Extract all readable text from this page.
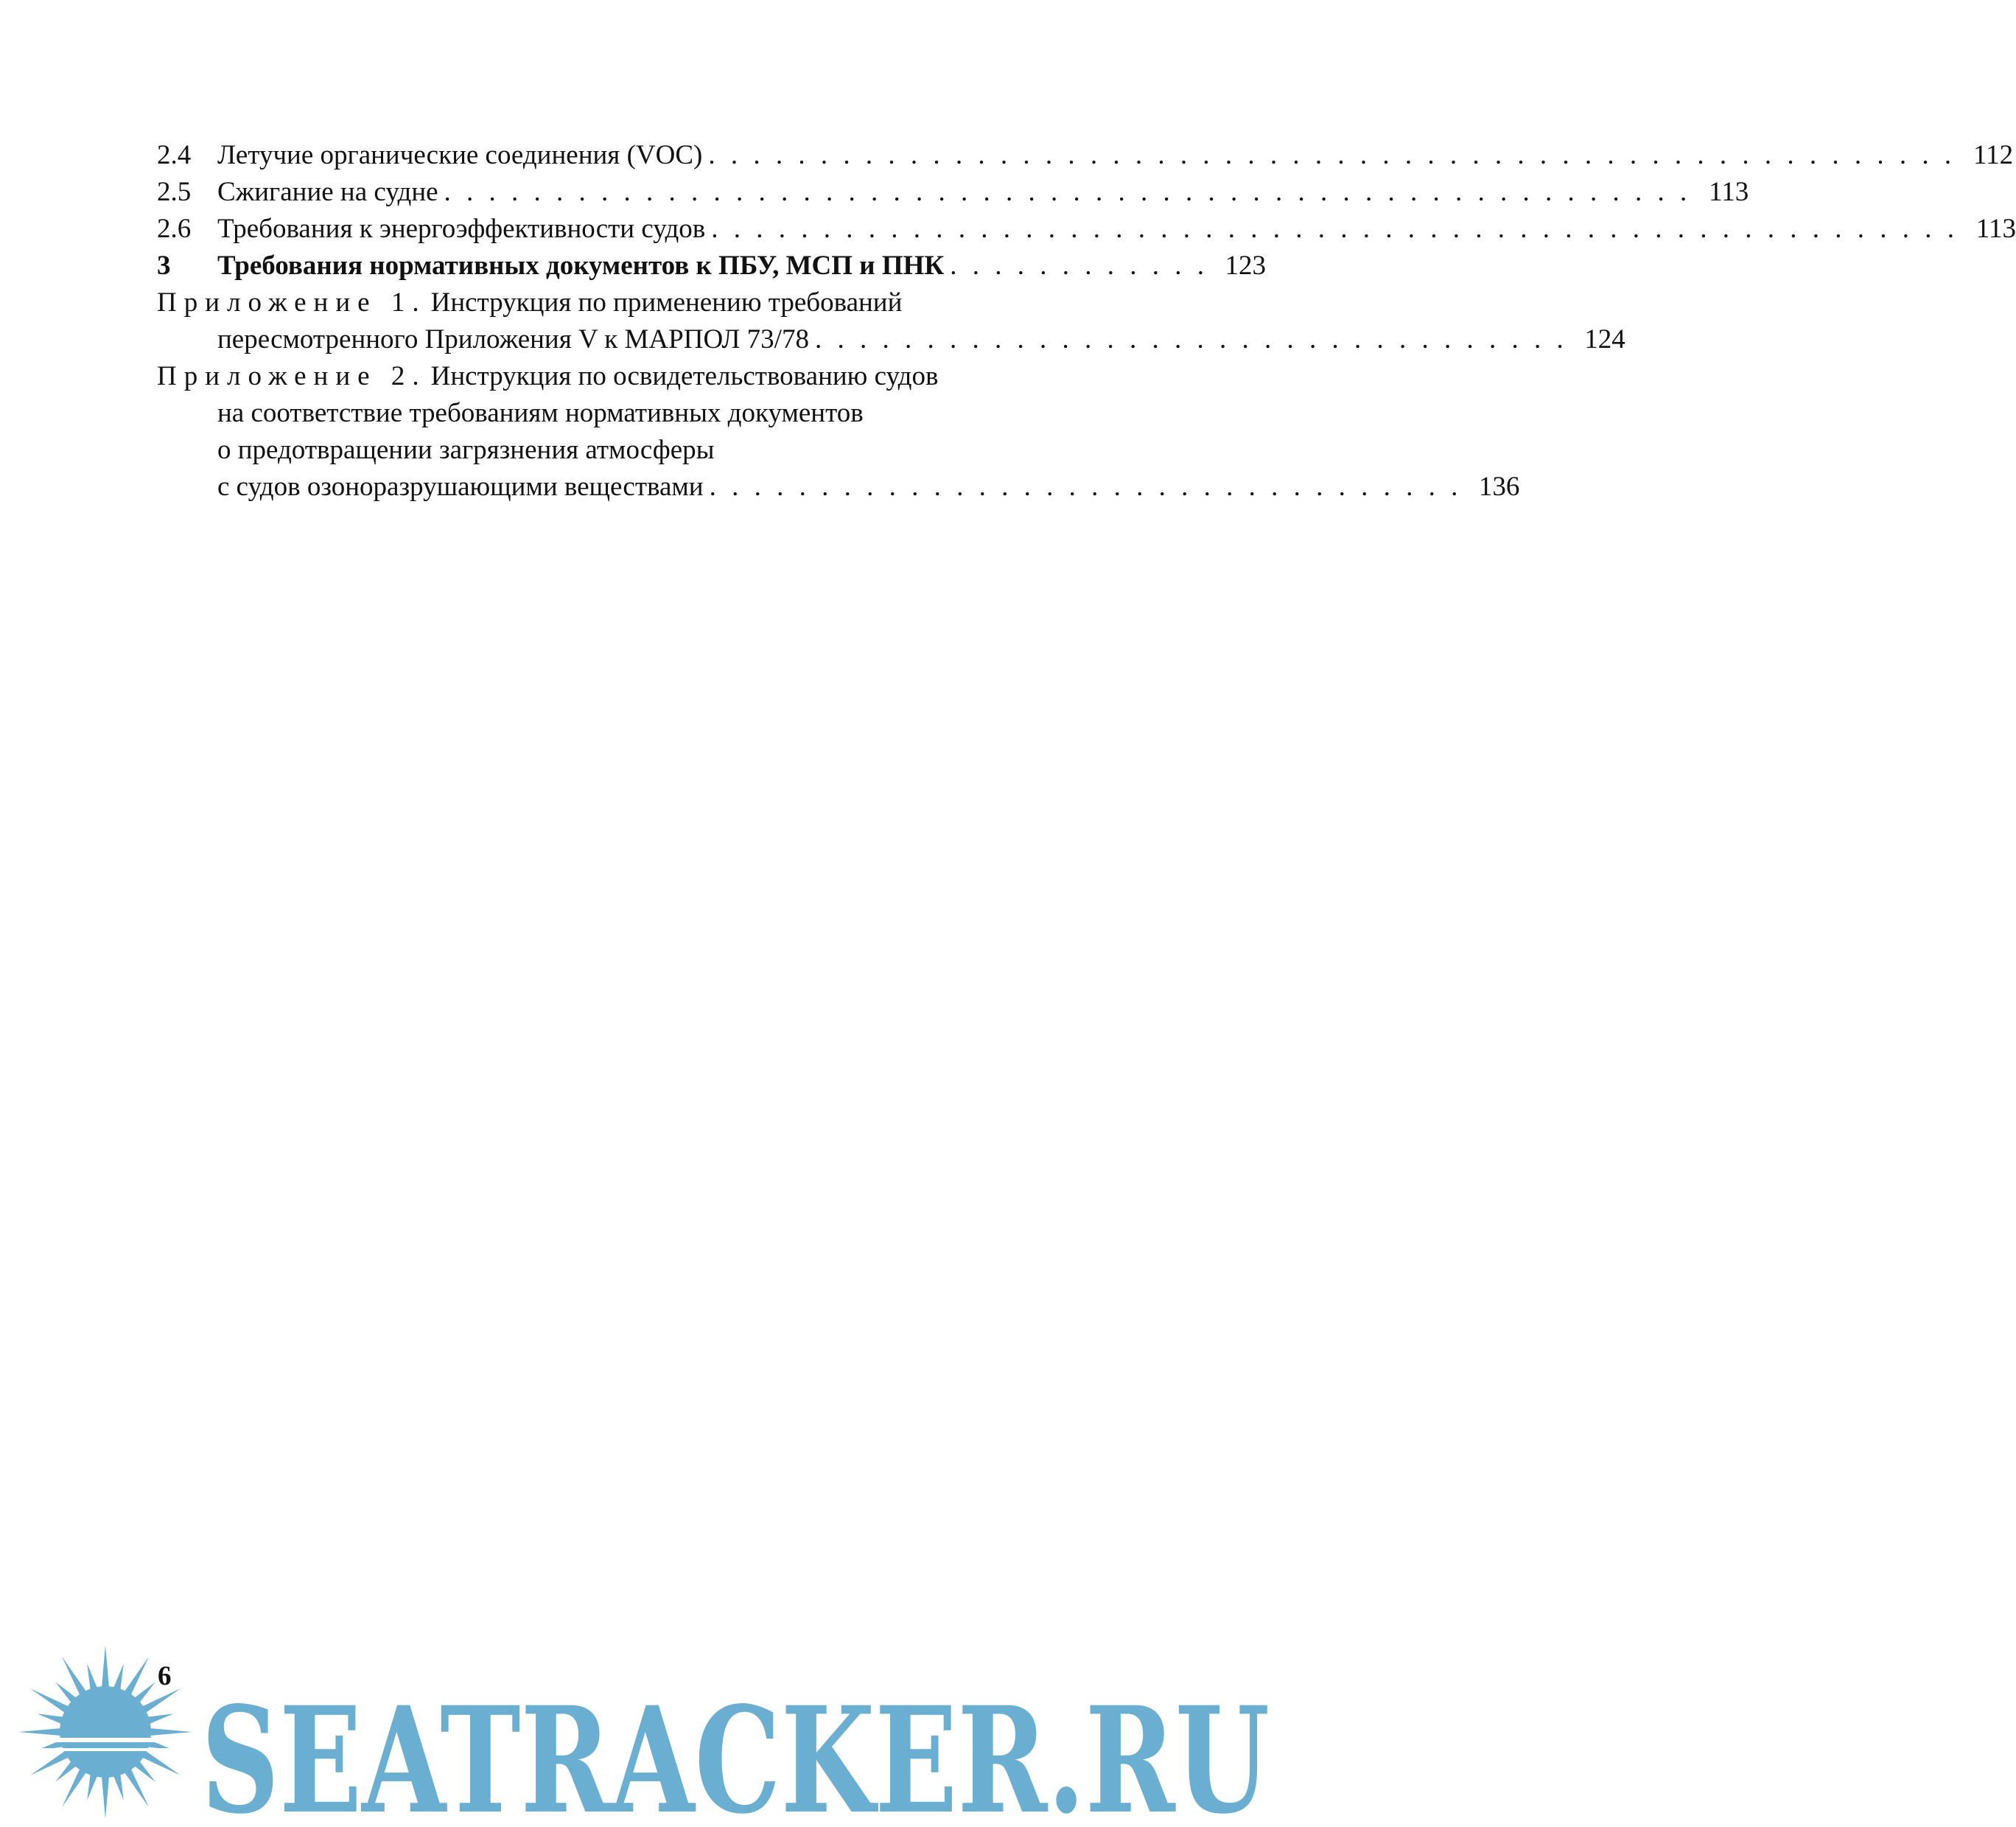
2.4 Летучие органические соединения (VOC) . . . . . . . . . . . . . . . . . . . . . . . . . . . . . . . . . . . . . . . . . . . . . . . . . . . . . . . . 112
2.5 Сжигание на судне . . . . . . . . . . . . . . . . . . . . . . . . . . . . . . . . . . . . . . . . . . . . . . . . . . . . . . . . 113
2.6 Требования к энергоэффективности судов . . . . . . . . . . . . . . . . . . . . . . . . . . . . . . . . . . . . . . . . . . . . . . . . . . . . . . . . 113
3	Требования нормативных документов к ПБУ, МСП и ПНК . . . . . . . . . . . . 123
Приложение 1. Инструкция по применению требований
пересмотренного Приложения V к МАРПОЛ 73/78 . . . . . . . . . . . . . . . . . . . . . . . . . . . . . . . . . . 124
Приложение 2. Инструкция по освидетельствованию судов
на соответствие требованиям нормативных документов
о предотвращении загрязнения атмосферы
с судов озоноразрушающими веществами . . . . . . . . . . . . . . . . . . . . . . . . . . . . . . . . . . 136
SEATRACKER.RU
6
